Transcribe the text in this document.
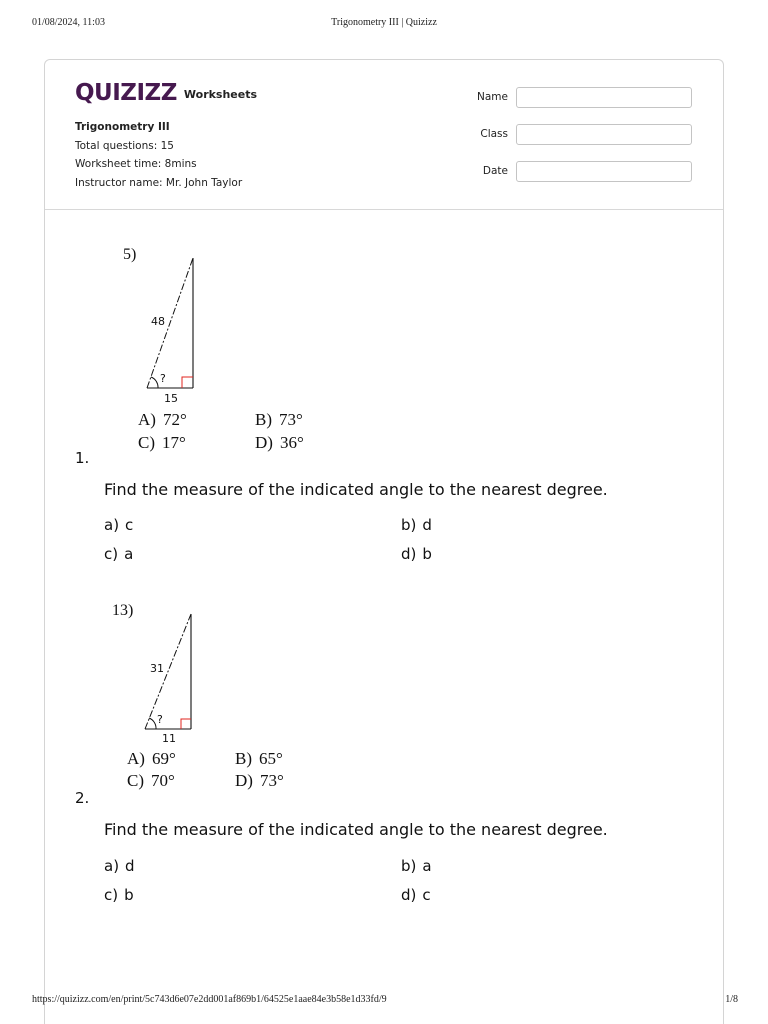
01/08/2024, 11:03	Trigonometry III | Quizizz
QUIZIZZ Worksheets
Trigonometry III
Total questions: 15
Worksheet time: 8mins
Instructor name: Mr. John Taylor
Name
Class
Date
5)
?
48
15
A) 72°	B) 73°
C) 17°	D) 36°
1.
Find the measure of the indicated angle to the nearest degree.
a) c	b) d
c) a	d) b
13)
?
31
11
A) 69°	B) 65°
C) 70°	D) 73°
2.
Find the measure of the indicated angle to the nearest degree.
a) d	b) a
c) b	d) c
https://quizizz.com/en/print/5c743d6e07e2dd001af869b1/64525e1aae84e3b58e1d33fd/9	1/8
